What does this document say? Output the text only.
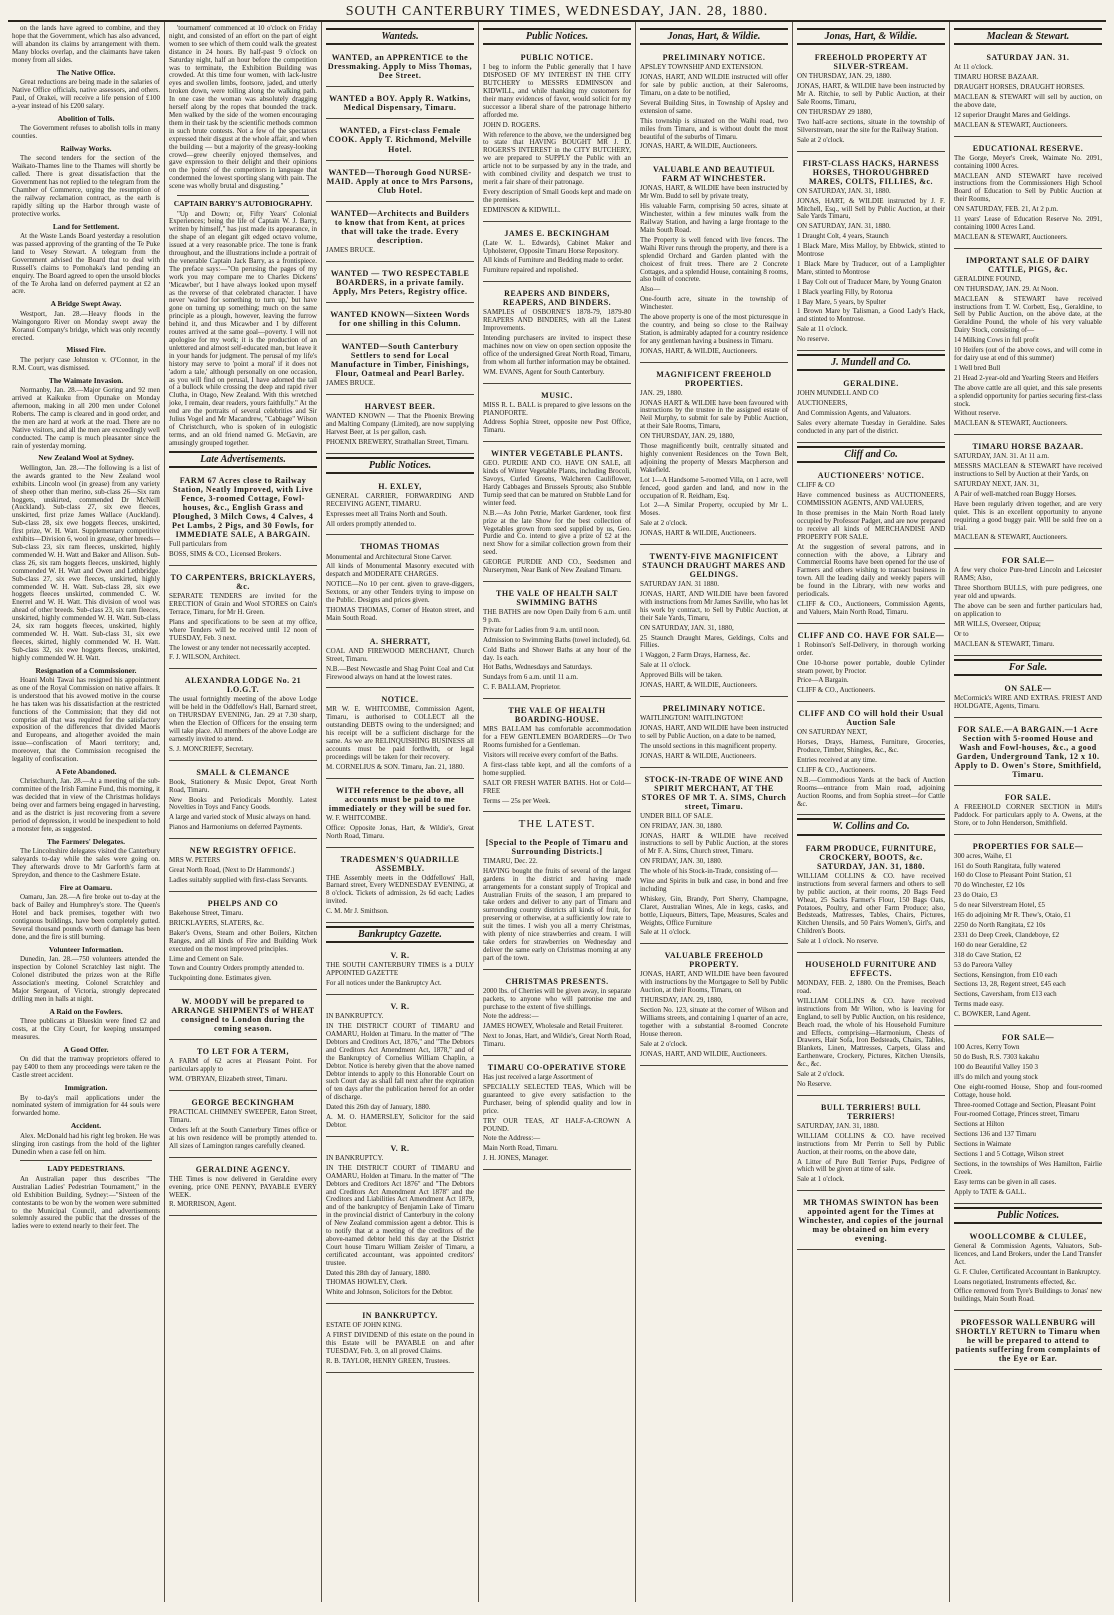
SOUTH CANTERBURY TIMES, WEDNESDAY, JAN. 28, 1880.

on the lands have agreed to combine, and they hope that the Government, which has also advanced, will abandon its claims by arrangement with them. Many blocks overlap, and the claimants have taken money from all sides.

The Native Office.

Great reductions are being made in the salaries of Native Office officials, native assessors, and others. Paul, of Orakei, will receive a life pension of £100 a-year instead of his £200 salary.

Abolition of Tolls.

The Government refuses to abolish tolls in many counties.

Railway Works.

The second tenders for the section of the Waikato-Thames line to the Thames will shortly be called. There is great dissatisfaction that the Government has not replied to the telegram from the Chamber of Commerce, urging the resumption of the railway reclamation contract, as the earth is rapidly silting up the Harbor through waste of protective works.

Land for Settlement.

At the Waste Lands Board yesterday a resolution was passed approving of the granting of the Te Puke land to Vesey Stewart. A telegram from the Government advised the Board that to deal with Russell's claims to Pomohaka's land pending an enquiry. The Board agreed to open the unsold blocks of the Te Aroha land on deferred payment at £2 an acre.

A Bridge Swept Away.

Westport, Jan. 28.—Heavy floods in the Waingongoro River on Monday swept away the Koranui Company's bridge, which was only recently erected.

Missed Fire.

The perjury case Johnston v. O'Connor, in the R.M. Court, was dismissed.

The Waimate Invasion.

Normanby, Jan. 28.—Major Goring and 92 men arrived at Kaikuku from Opunake on Monday afternoon, making in all 200 men under Colonel Roberts. The camp is cleared and in good order, and the men are hard at work at the road. There are no Native visitors, and all the men are exceedingly well conducted. The camp is much pleasanter since the rain of yesterday morning.

New Zealand Wool at Sydney.

Wellington, Jan. 28.—The following is a list of the awards granted to the New Zealand wool exhibits. Lincoln wool (in grease) from any variety of sheep other than merino, sub-class 26—Six ram hoggets, unskirted, commended Dr McNeill (Auckland). Sub-class 27, six ewe fleeces, unskirted, first prize James Wallace (Auckland). Sub-class 28, six ewe hoggets fleeces, unskirted, first prize, W. H. Watt. Supplementary competitive exhibits—Division 6, wool in grease, other breeds—Sub-class 23, six ram fleeces, unskirted, highly commended W. H. Watt and Baker and Allison. Sub-class 26, six ram hoggets fleeces, unskirted, highly commended W. H. Watt and Owen and Lethbridge. Sub-class 27, six ewe fleeces, unskirted, highly commended W. H. Watt. Sub-class 28, six ewe hoggets fleeces unskirted, commended C. W. Enerrel and W. H. Watt. This division of wool was ahead of other breeds. Sub-class 23, six ram fleeces, unskirted, highly commended W. H. Watt. Sub-class 24, six ram hoggets fleeces, unskirted, highly commended W. H. Watt. Sub-class 31, six ewe fleeces, skirted, highly commended W. H. Watt. Sub-class 32, six ewe hoggets fleeces, unskirted, highly commended W. H. Watt.

Resignation of a Commissioner.

Hoani Mohi Tawai has resigned his appointment as one of the Royal Commission on native affairs. It is understood that his avowed motive in the course he has taken was his dissatisfaction at the restricted functions of the Commission; that they did not comprise all that was required for the satisfactory exposition of the differences that divided Maoris and Europeans, and altogether avoided the main issue—confiscation of Maori territory; and, moreover, that the Commission recognised the legality of confiscation.

A Fete Abandoned.

Christchurch, Jan. 28.—At a meeting of the sub-committee of the Irish Famine Fund, this morning, it was decided that in view of the Christmas holidays being over and farmers being engaged in harvesting, and as the district is just recovering from a severe period of depression, it would be inexpedient to hold a monster fete, as suggested.

The Farmers' Delegates.

The Lincolnshire delegates visited the Canterbury saleyards to-day while the sales were going on. They afterwards drove to Mr Garforth's farm at Spreydon, and thence to the Cashmere Estate.

Fire at Oamaru.

Oamaru, Jan. 28.—A fire broke out to-day at the back of Bailey and Humphrey's store. The Queen's Hotel and back premises, together with two contiguous buildings, have been completely gutted. Several thousand pounds worth of damage has been done, and the fire is still burning.

Volunteer Information.

Dunedin, Jan. 28.—750 volunteers attended the inspection by Colonel Scratchley last night. The Colonel distributed the prizes won at the Rifle Association's meeting. Colonel Scratchley and Major Sergeaut, of Victoria, strongly deprecated drilling men in halls at night.

A Raid on the Fowlers.

Three publicans at Blueskin were fined £2 and costs, at the City Court, for keeping unstamped measures.

A Good Offer.

On did that the tramway proprietors offered to pay £400 to them any proceedings were taken re the Castle street accident.

Immigration.

By to-day's mail applications under the nominated system of immigration for 44 souls were forwarded home.

Accident.

Alex. McDonald had his right leg broken. He was slinging iron castings from the hold of the lighter Dunedin when a case fell on him.

LADY PEDESTRIANS.

An Australian paper thus describes "The Australian Ladies' Pedestrian Tournament," in the old Exhibition Building, Sydney:—"Sixteen of the contestants to be won by the women were submitted to the Municipal Council, and advertisements solemnly assured the public that the dresses of the ladies were to extend nearly to their feet. The

'tournament' commenced at 10 o'clock on Friday night, and consisted of an effort on the part of eight women to see which of them could walk the greatest distance in 24 hours. By half-past 9 o'clock on Saturday night, half an hour before the competition was to terminate, the Exhibition Building was crowded. At this time four women, with lack-lustre eyes and swollen limbs, footsore, jaded, and utterly broken down, were toiling along the walking path. In one case the woman was absolutely dragging herself along by the ropes that bounded the track. Men walked by the side of the women encouraging them in their task by the scientific methods common in such brute contests. Not a few of the spectators expressed their disgust at the whole affair, and when the building — but a majority of the greasy-looking crowd—grew cheerily enjoyed themselves, and gave expression to their delight and their opinions on the 'points' of the competitors in language that condemned the lowest sporting slang with pain. The scene was wholly brutal and disgusting."

CAPTAIN BARRY'S AUTOBIOGRAPHY.

"Up and Down; or, Fifty Years' Colonial Experiences; being the life of Captain W. J. Barry, written by himself," has just made its appearance, in the shape of an elegant gilt edged octavo volume, issued at a very reasonable price. The tone is frank throughout, and the illustrations include a portrait of the venerable Captain Jack Barry, as a frontispiece. The preface says:—"On perusing the pages of my work you may compare me to Charles Dickens' 'Micawber', but I have always looked upon myself as the reverse of that celebrated character. I have never 'waited for something to turn up,' but have gone on turning up something; much on the same principle as a plough, however, leaving the furrow behind it, and thus Micawber and I by different routes arrived at the same goal—poverty. I will not apologise for my work; it is the production of an unlettered and almost self-educated man, but leave it in your hands for judgment. The perusal of my life's history may serve to 'point a moral' if it does not 'adorn a tale,' although personally on one occasion, as you will find on perusal, I have adorned the tail of a bullock while crossing the deep and rapid river Clutha, in Otago, New Zealand. With this wretched joke, I remain, dear readers, yours faithfully." At the end are the portraits of several celebrities and Sir Julius Vogel and Mr Macandrew, "Cabbage" Wilson of Christchurch, who is spoken of in eulogistic terms, and an old friend named G. McGavin, are amusingly grouped together.

Late Advertisements.
FARM 67 Acres close to Railway Station, Neatly Improved, with Live Fence, 3-roomed Cottage, Fowl-houses, &c., English Grass and Ploughed, 3 Milch Cows, 4 Calves, 4 Pet Lambs, 2 Pigs, and 30 Fowls, for IMMEDIATE SALE, A BARGAIN.
Full particulars from
BOSS, SIMS & CO., Licensed Brokers.
TO CARPENTERS, BRICKLAYERS, &c.
SEPARATE TENDERS are invited for the ERECTION of Grain and Wool STORES on Cain's Terrace, Timaru, for Mr H. Green.
Plans and specifications to be seen at my office, where Tenders will be received until 12 noon of TUESDAY, Feb. 3 next.
The lowest or any tender not necessarily accepted.
F. J. WILSON, Architect.
ALEXANDRA LODGE No. 21 I.O.G.T.
The usual fortnightly meeting of the above Lodge will be held in the Oddfellow's Hall, Barnard street, on THURSDAY EVENING, Jan. 29 at 7.30 sharp, when the Election of Officers for the ensuing term will take place. All members of the above Lodge are earnestly invited to attend.
S. J. MONCRIEFF, Secretary.
SMALL & CLEMANCE
Book, Stationery & Music Depot, Great North Road, Timaru.
New Books and Periodicals Monthly. Latest Novelties in Toys and Fancy Goods.
A large and varied stock of Music always on hand.
Pianos and Harmoniums on deferred Payments.
NEW REGISTRY OFFICE.
MRS W. PETERS
Great North Road, (Next to Dr Hammonds'.)
Ladies suitably supplied with first-class Servants.
PHELPS AND CO
Bakehouse Street, Timaru.
BRICKLAYERS, SLATERS, &c.
Baker's Ovens, Steam and other Boilers, Kitchen Ranges, and all kinds of Fire and Building Work executed on the most improved principles.
Lime and Cement on Sale.
Town and Country Orders promptly attended to.
Tuckpointing done. Estimates given.
W. MOODY will be prepared to ARRANGE SHIPMENTS of WHEAT consigned to London during the coming season.
TO LET FOR A TERM,
A FARM of 62 acres at Pleasant Point. For particulars apply to
WM. O'BRYAN, Elizabeth street, Timaru.
GEORGE BECKINGHAM
PRACTICAL CHIMNEY SWEEPER, Eaton Street, Timaru.
Orders left at the South Canterbury Times office or at his own residence will be promptly attended to. All sizes of Lamington ranges carefully cleaned.
GERALDINE AGENCY.
THE Times is now delivered in Geraldine every evening, price ONE PENNY, PAYABLE EVERY WEEK.
R. MORRISON, Agent.
Wanteds.
WANTED, an APPRENTICE to the Dressmaking. Apply to Miss Thomas, Dee Street.
WANTED a BOY. Apply R. Watkins, Medical Dispensary, Timaru.
WANTED, a First-class Female COOK. Apply T. Richmond, Melville Hotel.
WANTED—Thorough Good NURSE-MAID. Apply at once to Mrs Parsons, Club Hotel.
WANTED—Architects and Builders to know that from Kent, at prices that will take the trade. Every description.
JAMES BRUCE.
WANTED — TWO RESPECTABLE BOARDERS, in a private family. Apply, Mrs Peters, Registry office.
WANTED KNOWN—Sixteen Words for one shilling in this Column.
WANTED—South Canterbury Settlers to send for Local Manufacture in Timber, Finishings, Flour, Oatmeal and Pearl Barley.
JAMES BRUCE.
HARVEST BEER.
WANTED KNOWN — That the Phoenix Brewing and Malting Company (Limited), are now supplying Harvest Beer, at 1s per gallon, cash.
PHOENIX BREWERY, Strathallan Street, Timaru.
Public Notices.
H. EXLEY,
GENERAL CARRIER, FORWARDING AND RECEIVING AGENT, TIMARU.
Expresses meet all Trains North and South.
All orders promptly attended to.
THOMAS THOMAS
Monumental and Architectural Stone Carver.
All kinds of Monumental Masonry executed with despatch and MODERATE CHARGES.
NOTICE—No 10 per cent. given to grave-diggers, Sextons, or any other Tenders trying to impose on the Public. Designs and prices given.
THOMAS THOMAS, Corner of Heaton street, and Main South Road.
A. SHERRATT,
COAL AND FIREWOOD MERCHANT, Church Street, Timaru.
N.B.—Best Newcastle and Shag Point Coal and Cut Firewood always on hand at the lowest rates.
NOTICE.
MR W. E. WHITCOMBE, Commission Agent, Timaru, is authorised to COLLECT all the outstanding DEBTS owing to the undersigned; and his receipt will be a sufficient discharge for the same. As we are RELINQUISHING BUSINESS all accounts must be paid forthwith, or legal proceedings will be taken for their recovery.
M. CORNELIUS & SON. Timaru, Jan. 21, 1880.
WITH reference to the above, all accounts must be paid to me immediately or they will be sued for.
W. F. WHITCOMBE.
Office: Opposite Jonas, Hart, & Wildie's, Great North Road, Timaru.
TRADESMEN'S QUADRILLE ASSEMBLY.
THE Assembly meets in the Oddfellows' Hall, Barnard street, Every WEDNESDAY EVENING, at 8 o'clock. Tickets of admission, 2s 6d each; Ladies invited.
C. M. Mr J. Smithson.
Bankruptcy Gazette.
V. R.
THE SOUTH CANTERBURY TIMES is a DULY APPOINTED GAZETTE
For all notices under the Bankruptcy Act.
V. R.
IN BANKRUPTCY.
IN THE DISTRICT COURT of TIMARU and OAMARU, Holden at Timaru. In the matter of "The Debtors and Creditors Act, 1876," and "The Debtors and Creditors Act Amendment Act, 1878," and of the Bankruptcy of Cornelius William Chaplin, a Debtor. Notice is hereby given that the above named Debtor intends to apply to this Honorable Court on such Court day as shall fall next after the expiration of ten days after the publication hereof for an order of discharge.
Dated this 26th day of January, 1880.
A. M. O. HAMERSLEY, Solicitor for the said Debtor.
V. R.
IN BANKRUPTCY.
IN THE DISTRICT COURT of TIMARU and OAMARU, Holden at Timaru. In the matter of "The Debtors and Creditors Act 1876" and "The Debtors and Creditors Act Amendment Act 1878" and the Creditors and Liabilities Act Amendment Act 1879, and of the bankruptcy of Benjamin Lake of Timaru in the provincial district of Canterbury in the colony of New Zealand commission agent a debtor. This is to notify that at a meeting of the creditors of the above-named debtor held this day at the District Court house Timaru William Zeisler of Timaru, a certificated accountant, was appointed creditors' trustee.
Dated this 28th day of January, 1880.
THOMAS HOWLEY, Clerk.
White and Johnson, Solicitors for the Debtor.
IN BANKRUPTCY.
ESTATE OF JOHN KING.
A FIRST DIVIDEND of this estate on the pound in this Estate will be PAYABLE on and after TUESDAY, Feb. 3, on all proved Claims.
R. B. TAYLOR, HENRY GREEN, Trustees.
Public Notices.
PUBLIC NOTICE.
I beg to inform the Public generally that I have DISPOSED OF MY INTEREST IN THE CITY BUTCHERY to MESSRS EDMINSON and KIDWILL, and while thanking my customers for their many evidences of favor, would solicit for my successor a liberal share of the patronage hitherto afforded me.
JOHN D. ROGERS.
With reference to the above, we the undersigned beg to state that HAVING BOUGHT MR J. D. ROGERS'S INTEREST in the CITY BUTCHERY, we are prepared to SUPPLY the Public with an article not to be surpassed by any in the trade, and with combined civility and despatch we trust to merit a fair share of their patronage.
Every description of Small Goods kept and made on the premises.
EDMINSON & KIDWILL.
JAMES E. BECKINGHAM
(Late W. L. Edwards), Cabinet Maker and Upholsterer, Opposite Timaru Horse Repository.
All kinds of Furniture and Bedding made to order.
Furniture repaired and repolished.
REAPERS AND BINDERS, REAPERS, AND BINDERS.
SAMPLES of OSBORNE'S 1878-79, 1879-80 REAPERS AND BINDERS, with all the Latest Improvements.
Intending purchasers are invited to inspect these machines now on view on open section opposite the office of the undersigned Great North Road, Timaru, from whom all further information may be obtained.
WM. EVANS, Agent for South Canterbury.
MUSIC.
MISS R. L. BALL is prepared to give lessons on the PIANOFORTE.
Address Sophia Street, opposite new Post Office, Timaru.
WINTER VEGETABLE PLANTS.
GEO. PURDIE AND CO. HAVE ON SALE, all kinds of Winter Vegetable Plants, including Brocoli, Savoys, Curled Greens, Walcheren Cauliflower, Hardy Cabbages and Brussels Sprouts; also Stubble Turnip seed that can be matured on Stubble Land for winter feed.
N.B.—As John Petrie, Market Gardener, took first prize at the late Show for the best collection of Vegetables grown from seed supplied by us, Geo. Purdie and Co. intend to give a prize of £2 at the next Show for a similar collection grown from their seed.
GEORGE PURDIE AND CO., Seedsmen and Nurserymen, Near Bank of New Zealand Timaru.
THE VALE OF HEALTH SALT SWIMMING BATHS
THE BATHS are now Open Daily from 6 a.m. until 9 p.m.
Private for Ladies from 9 a.m. until noon.
Admission to Swimming Baths (towel included), 6d.
Cold Baths and Shower Baths at any hour of the day. 1s each.
Hot Baths, Wednesdays and Saturdays.
Sundays from 6 a.m. until 11 a.m.
C. F. BALLAM, Proprietor.
THE VALE OF HEALTH BOARDING-HOUSE.
MRS BALLAM has comfortable accommodation for a FEW GENTLEMEN BOARDERS—Or Two Rooms furnished for a Gentleman.
Visitors will receive every comfort of the Baths.
A first-class table kept, and all the comforts of a home supplied.
SALT OR FRESH WATER BATHS. Hot or Cold—FREE
Terms — 25s per Week.
THE LATEST.
[Special to the People of Timaru and Surrounding Districts.]
TIMARU, Dec. 22.
HAVING bought the fruits of several of the largest gardens in the district and having made arrangements for a constant supply of Tropical and Australian Fruits of the season, I am prepared to take orders and deliver to any part of Timaru and surrounding country districts all kinds of fruit, for preserving or otherwise, at a sufficiently low rate to suit the times. I wish you all a merry Christmas, with plenty of nice strawberries and cream. I will take orders for strawberries on Wednesday and deliver the same early on Christmas morning at any part of the town.
CHRISTMAS PRESENTS.
2000 lbs. of Cherries will be given away, in separate packets, to anyone who will patronise me and purchase to the extent of five shillings.
Note the address:—
JAMES HOWEY, Wholesale and Retail Fruiterer.
Next to Jonas, Hart, and Wildie's, Great North Road, Timaru.
TIMARU CO-OPERATIVE STORE
Has just received a large Assortment of
SPECIALLY SELECTED TEAS, Which will be guaranteed to give every satisfaction to the Purchaser, being of splendid quality and low in price.
TRY OUR TEAS, AT HALF-A-CROWN A POUND.
Note the Address:—
Main North Road, Timaru.
J. H. JONES, Manager.
Jonas, Hart, & Wildie.
PRELIMINARY NOTICE.
APSLEY TOWNSHIP AND EXTENSION.
JONAS, HART, AND WILDIE instructed will offer for sale by public auction, at their Salerooms, Timaru, on a date to be notified,
Several Building Sites, in Township of Apsley and extension of same.
This township is situated on the Waihi road, two miles from Timaru, and is without doubt the most beautiful of the suburbs of Timaru.
JONAS, HART, & WILDIE, Auctioneers.
VALUABLE AND BEAUTIFUL FARM AT WINCHESTER.
JONAS, HART, & WILDIE have been instructed by Mr Wm. Budd to sell by private treaty,
His valuable Farm, comprising 50 acres, situate at Winchester, within a few minutes walk from the Railway Station, and having a large frontage to the Main South Road.
The Property is well fenced with live fences. The Waihi River runs through the property, and there is a splendid Orchard and Garden planted with the choicest of fruit trees. There are 2 Concrete Cottages, and a splendid House, containing 8 rooms, also built of concrete.
Also—
One-fourth acre, situate in the township of Winchester.
The above property is one of the most picturesque in the country, and being so close to the Railway Station, is admirably adapted for a country residence for any gentleman having a business in Timaru.
JONAS, HART, & WILDIE, Auctioneers.
MAGNIFICENT FREEHOLD PROPERTIES.
JAN. 29, 1880.
JONAS HART & WILDIE have been favoured with instructions by the trustee in the assigned estate of Neil Murphy, to submit for sale by Public Auction, at their Sale Rooms, Timaru,
ON THURSDAY, JAN. 29, 1880,
Those magnificently built, centrally situated and highly convenient Residences on the Town Belt, adjoining the property of Messrs Macpherson and Wakefield.
Lot 1—A Handsome 5-roomed Villa, on 1 acre, well fenced, good garden and land, and now in the occupation of R. Reidham, Esq.
Lot 2—A Similar Property, occupied by Mr L. Moses.
Sale at 2 o'clock.
JONAS, HART & WILDIE, Auctioneers.
TWENTY-FIVE MAGNIFICENT STAUNCH DRAUGHT MARES AND GELDINGS.
SATURDAY JAN. 31 1880.
JONAS, HART, AND WILDIE have been favored with instructions from Mr James Saville, who has let his work by contract, to Sell by Public Auction, at their Sale Yards, Timaru,
ON SATURDAY, JAN. 31, 1880,
25 Staunch Draught Mares, Geldings, Colts and Fillies.
1 Waggon, 2 Farm Drays, Harness, &c.
Sale at 11 o'clock.
Approved Bills will be taken.
JONAS, HART, & WILDIE, Auctioneers.
PRELIMINARY NOTICE.
WAITLINGTON! WAITLINGTON!
JONAS, HART, AND WILDIE have been instructed to sell by Public Auction, on a date to be named,
The unsold sections in this magnificent property.
JONAS, HART & WILDIE, Auctioneers.
STOCK-IN-TRADE OF WINE AND SPIRIT MERCHANT, AT THE STORES OF MR T. A. SIMS, Church street, Timaru.
UNDER BILL OF SALE.
ON FRIDAY, JAN. 30, 1880.
JONAS, HART & WILDIE have received instructions to sell by Public Auction, at the stores of Mr F. A. Sims, Church street, Timaru.
ON FRIDAY, JAN. 30, 1880.
The whole of his Stock-in-Trade, consisting of—
Wine and Spirits in bulk and case, in bond and free including
Whiskey, Gin, Brandy, Port Sherry, Champagne, Claret, Australian Wines, Ale in kegs, casks, and bottle, Liqueurs, Bitters, Tape, Measures, Scales and Weights, Office Furniture
Sale at 11 o'clock.
VALUABLE FREEHOLD PROPERTY.
JONAS, HART, AND WILDIE have been favoured with instructions by the Mortgagee to Sell by Public Auction, at their Rooms, Timaru, on
THURSDAY, JAN. 29, 1880,
Section No. 123, situate at the corner of Wilson and Williams streets, and containing 1 quarter of an acre, together with a substantial 8-roomed Concrete House thereon.
Sale at 2 o'clock.
JONAS, HART, AND WILDIE, Auctioneers.
Jonas, Hart, & Wildie.
FREEHOLD PROPERTY AT SILVER-STREAM.
ON THURSDAY, JAN. 29, 1880.
JONAS, HART, & WILDIE have been instructed by Mr A. Ritchie, to sell by Public Auction, at their Sale Rooms, Timaru,
ON THURSDAY 29 1880,
Two half-acre sections, situate in the township of Silverstream, near the site for the Railway Station.
Sale at 2 o'clock.
FIRST-CLASS HACKS, HARNESS HORSES, THOROUGHBRED MARES, COLTS, FILLIES, &c.
ON SATURDAY, JAN. 31, 1880.
JONAS, HART, & WILDIE instructed by J. F. Mitchell, Esq., will Sell by Public Auction, at their Sale Yards Timaru,
ON SATURDAY, JAN. 31, 1880.
1 Draught Colt, 4 years, Staunch
1 Black Mare, Miss Malloy, by Ebbwick, stinted to Montrose
1 Black Mare by Traducer, out of a Lamplighter Mare, stinted to Montrose
1 Bay Colt out of Traducer Mare, by Young Gnaton
1 Black yearling Filly, by Rotorua
1 Bay Mare, 5 years, by Spulter
1 Brown Mare by Talisman, a Good Lady's Hack, and stinted to Montrose.
Sale at 11 o'clock.
No reserve.
J. Mundell and Co.
GERALDINE.
JOHN MUNDELL AND CO
AUCTIONEERS,
And Commission Agents, and Valuators.
Sales every alternate Tuesday in Geraldine. Sales conducted in any part of the district.
Cliff and Co.
AUCTIONEERS' NOTICE.
CLIFF & CO
Have commenced business as AUCTIONEERS, COMMISSION AGENTS, AND VALUERS,
In those premises in the Main North Road lately occupied by Professor Padget, and are now prepared to receive all kinds of MERCHANDISE AND PROPERTY FOR SALE.
At the suggestion of several patrons, and in connection with the above, a Library and Commercial Rooms have been opened for the use of Farmers and others wishing to transact business in town. All the leading daily and weekly papers will be found in the Library, with new works and periodicals.
CLIFF & CO., Auctioneers, Commission Agents, and Valuers, Main North Road, Timaru.
CLIFF AND CO. HAVE FOR SALE—
1 Robinson's Self-Delivery, in thorough working order.
One 10-horse power portable, double Cylinder steam power, by Proctor.
Price—A Bargain.
CLIFF & CO., Auctioneers.
CLIFF AND CO will hold their Usual Auction Sale
ON SATURDAY NEXT,
Horses, Drays, Harness, Furniture, Groceries, Produce, Timber, Shingles, &c., &c.
Entries received at any time.
CLIFF & CO., Auctioneers.
N.B.—Commodious Yards at the back of Auction Rooms—entrance from Main road, adjoining Auction Rooms, and from Sophia street—for Cattle &c.
W. Collins and Co.
FARM PRODUCE, FURNITURE, CROCKERY, BOOTS, &c. SATURDAY, JAN. 31, 1880.
WILLIAM COLLINS & CO. have received instructions from several farmers and others to sell by public auction, at their rooms, 20 Bags Feed Wheat, 25 Sacks Farmer's Flour, 150 Bags Oats, Potatoes, Poultry, and other Farm Produce; also, Bedsteads, Mattresses, Tables, Chairs, Pictures, Kitchen Utensils, and 50 Pairs Women's, Girl's, and Children's Boots.
Sale at 1 o'clock. No reserve.
HOUSEHOLD FURNITURE AND EFFECTS.
MONDAY, FEB. 2, 1880. On the Premises, Beach road.
WILLIAM COLLINS & CO. have received instructions from Mr Wilton, who is leaving for England, to sell by Public Auction, on his residence, Beach road, the whole of his Household Furniture and Effects, comprising—Harmonium, Chests of Drawers, Hair Sofa, Iron Bedsteads, Chairs, Tables, Blankets, Linen, Mattresses, Carpets, Glass and Earthenware, Crockery, Pictures, Kitchen Utensils, &c., &c.
Sale at 2 o'clock.
No Reserve.
BULL TERRIERS! BULL TERRIERS!
SATURDAY, JAN. 31, 1880.
WILLIAM COLLINS & CO. have received instructions from Mr Perrin to Sell by Public Auction, at their rooms, on the above date,
A Litter of Pure Bull Terrier Pups, Pedigree of which will be given at time of sale.
Sale at 1 o'clock.
MR THOMAS SWINTON has been appointed agent for the Times at Winchester, and copies of the journal may be obtained on him every evening.
Maclean & Stewart.
SATURDAY JAN. 31.
At 11 o'clock.
TIMARU HORSE BAZAAR.
DRAUGHT HORSES, DRAUGHT HORSES.
MACLEAN & STEWART will sell by auction, on the above date,
12 superior Draught Mares and Geldings.
MACLEAN & STEWART, Auctioneers.
EDUCATIONAL RESERVE.
The Gorge, Meyer's Creek, Waimate No. 2091, containing 1000 Acres.
MACLEAN AND STEWART have received instructions from the Commissioners High School Board of Education to Sell by Public Auction at their Rooms,
ON SATURDAY, FEB. 21, At 2 p.m.
11 years' Lease of Education Reserve No. 2091, containing 1000 Acres Land.
MACLEAN & STEWART, Auctioneers.
IMPORTANT SALE OF DAIRY CATTLE, PIGS, &c.
GERALDINE FOUND,
ON THURSDAY, JAN. 29. At Noon.
MACLEAN & STEWART have received instructions from T. W. Corbett, Esq., Geraldine, to Sell by Public Auction, on the above date, at the Geraldine Pound, the whole of his very valuable Dairy Stock, consisting of—
14 Milking Cows in full profit
10 Heifers (out of the above cows, and will come in for dairy use at end of this summer)
1 Well bred Bull
21 Head 2-year-old and Yearling Steers and Heifers
The above cattle are all quiet, and this sale presents a splendid opportunity for parties securing first-class stock.
Without reserve.
MACLEAN & STEWART, Auctioneers.
TIMARU HORSE BAZAAR.
SATURDAY, JAN. 31. At 11 a.m.
MESSRS MACLEAN & STEWART have received instructions to Sell by Auction at their Yards, on
SATURDAY NEXT, JAN. 31,
A Pair of well-matched roan Buggy Horses.
Have been regularly driven together, and are very quiet. This is an excellent opportunity to anyone requiring a good buggy pair. Will be sold free on a trial.
MACLEAN & STEWART, Auctioneers.
FOR SALE—
A few very choice Pure-bred Lincoln and Leicester RAMS; Also,
Three Shorthorn BULLS, with pure pedigrees, one year old and upwards.
The above can be seen and further particulars had, on application to
MR WILLS, Overseer, Otipua;
Or to
MACLEAN & STEWART, Timaru.
For Sale.
ON SALE—
McCormick's WIRE AND EXTRAS. FRIEST AND HOLDGATE, Agents, Timaru.
FOR SALE.—A BARGAIN.—1 Acre Section with 5-roomed House and Wash and Fowl-houses, &c., a good Garden, Underground Tank, 12 x 10. Apply to D. Owen's Store, Smithfield, Timaru.
FOR SALE.
A FREEHOLD CORNER SECTION in Mill's Paddock. For particulars apply to A. Owens, at the Store, or to John Henderson, Smithfield.
PROPERTIES FOR SALE—
300 acres, Waihe, £1
161 do South Rangitata, fully watered
160 do Close to Pleasant Point Station, £1
70 do Winchester, £2 10s
23 do Otaio, £3
5 do near Silverstream Hotel, £5
165 do adjoining Mr R. Thew's, Otaio, £1
2250 do North Rangitata, £2 10s
2331 do Deep Creek, Clandeboye, £2
160 do near Geraldine, £2
318 do Cave Station, £2
53 do Pareora Valley
Sections, Kensington, from £10 each
Sections 13, 28, Regent street, £45 each
Sections, Caversham, from £13 each
Terms made easy.
C. BOWKER, Land Agent.
FOR SALE—
100 Acres, Kerry Town
50 do Bush, R.S. 7303 kakahu
100 do Beautiful Valley 150 3
ill's do milch and young stock
One eight-roomed House, Shop and four-roomed Cottage, house hold.
Three-roomed Cottage and Section, Pleasant Point
Four-roomed Cottage, Princes street, Timaru
Sections at Hilton
Sections 136 and 137 Timaru
Sections in Waimate
Sections 1 and 5 Cottage, Wilson street
Sections, in the townships of Wes Hamilton, Fairlie Creek.
Easy terms can be given in all cases.
Apply to TATE & GALL.
Public Notices.
WOOLLCOMBE & CLULEE,
General & Commission Agents, Valuators, Sub-licences, and Land Brokers, under the Land Transfer Act.
G. F. Clulee, Certificated Accountant in Bankruptcy.
Loans negotiated, Instruments effected, &c.
Office removed from Tyre's Buildings to Jonas' new buildings, Main South Road.
PROFESSOR WALLENBURG will SHORTLY RETURN to Timaru when he will be prepared to attend to patients suffering from complaints of the Eye or Ear.
